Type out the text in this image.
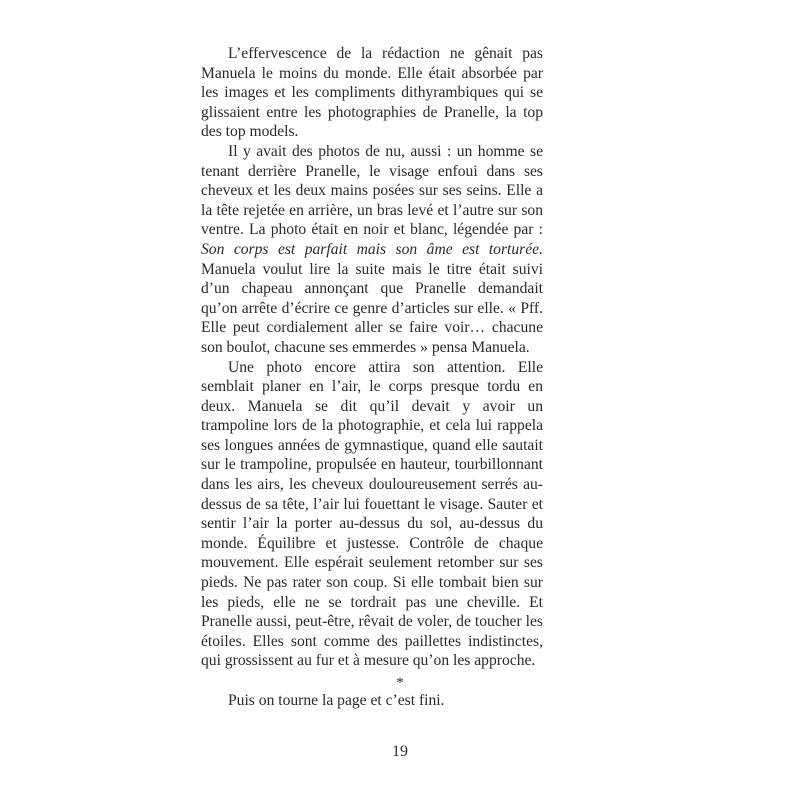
L’effervescence de la rédaction ne gênait pas Manuela le moins du monde. Elle était absorbée par les images et les compliments dithyrambiques qui se glissaient entre les photographies de Pranelle, la top des top models.

Il y avait des photos de nu, aussi : un homme se tenant derrière Pranelle, le visage enfoui dans ses cheveux et les deux mains posées sur ses seins. Elle a la tête rejetée en arrière, un bras levé et l’autre sur son ventre. La photo était en noir et blanc, légendée par : Son corps est parfait mais son âme est torturée. Manuela voulut lire la suite mais le titre était suivi d’un chapeau annonçant que Pranelle demandait qu’on arrête d’écrire ce genre d’articles sur elle. « Pff. Elle peut cordialement aller se faire voir… chacune son boulot, chacune ses emmerdes » pensa Manuela.

Une photo encore attira son attention. Elle semblait planer en l’air, le corps presque tordu en deux. Manuela se dit qu’il devait y avoir un trampoline lors de la photographie, et cela lui rappela ses longues années de gymnastique, quand elle sautait sur le trampoline, propulsée en hauteur, tourbillonnant dans les airs, les cheveux douloureusement serrés au-dessus de sa tête, l’air lui fouettant le visage. Sauter et sentir l’air la porter au-dessus du sol, au-dessus du monde. Équilibre et justesse. Contrôle de chaque mouvement. Elle espérait seulement retomber sur ses pieds. Ne pas rater son coup. Si elle tombait bien sur les pieds, elle ne se tordrait pas une cheville. Et Pranelle aussi, peut-être, rêvait de voler, de toucher les étoiles. Elles sont comme des paillettes indistinctes, qui grossissent au fur et à mesure qu’on les approche.

Puis on tourne la page et c’est fini.

*
19
